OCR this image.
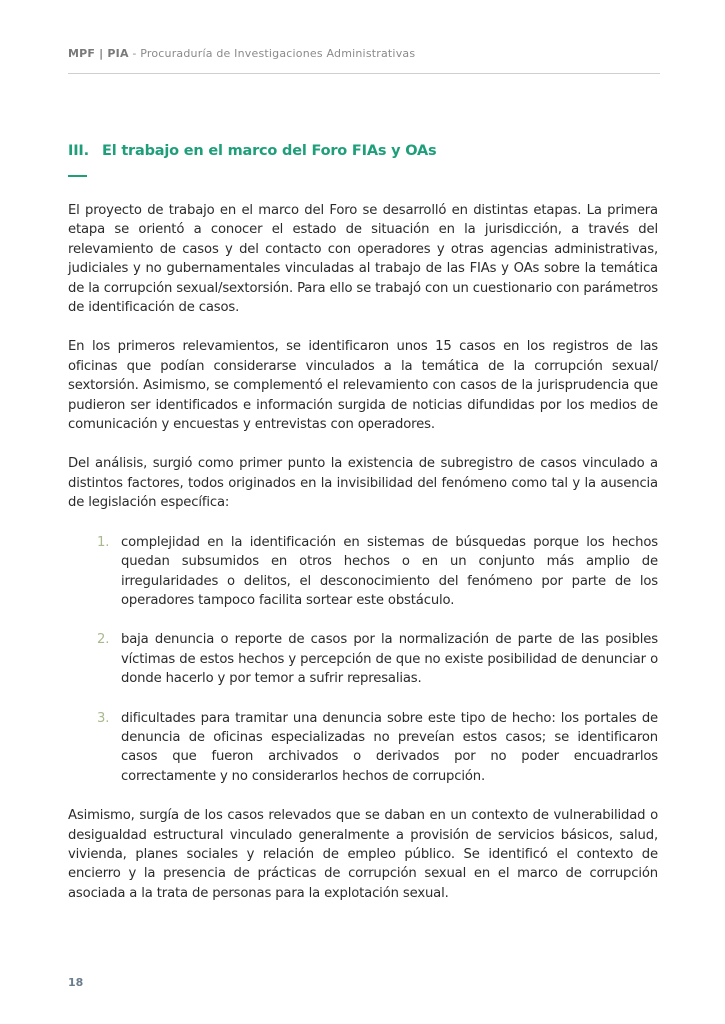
MPF | PIA - Procuraduría de Investigaciones Administrativas
III. El trabajo en el marco del Foro FIAs y OAs

El proyecto de trabajo en el marco del Foro se desarrolló en distintas etapas. La primera etapa se orientó a conocer el estado de situación en la jurisdicción, a través del relevamiento de casos y del contacto con operadores y otras agencias administrativas, judiciales y no gubernamentales vinculadas al trabajo de las FIAs y OAs sobre la temática de la corrupción sexual/sextorsión. Para ello se trabajó con un cuestionario con parámetros de identificación de casos.

En los primeros relevamientos, se identificaron unos 15 casos en los registros de las oficinas que podían considerarse vinculados a la temática de la corrupción sexual/ sextorsión. Asimismo, se complementó el relevamiento con casos de la jurisprudencia que pudieron ser identificados e información surgida de noticias difundidas por los medios de comunicación y encuestas y entrevistas con operadores.

Del análisis, surgió como primer punto la existencia de subregistro de casos vinculado a distintos factores, todos originados en la invisibilidad del fenómeno como tal y la ausencia de legislación específica:

1. complejidad en la identificación en sistemas de búsquedas porque los hechos quedan subsumidos en otros hechos o en un conjunto más amplio de irregularidades o delitos, el desconocimiento del fenómeno por parte de los operadores tampoco facilita sortear este obstáculo.
2. baja denuncia o reporte de casos por la normalización de parte de las posibles víctimas de estos hechos y percepción de que no existe posibilidad de denunciar o donde hacerlo y por temor a sufrir represalias.
3. dificultades para tramitar una denuncia sobre este tipo de hecho: los portales de denuncia de oficinas especializadas no preveían estos casos; se identificaron casos que fueron archivados o derivados por no poder encuadrarlos correctamente y no considerarlos hechos de corrupción.

Asimismo, surgía de los casos relevados que se daban en un contexto de vulnerabilidad o desigualdad estructural vinculado generalmente a provisión de servicios básicos, salud, vivienda, planes sociales y relación de empleo público. Se identificó el contexto de encierro y la presencia de prácticas de corrupción sexual en el marco de corrupción asociada a la trata de personas para la explotación sexual.

18
